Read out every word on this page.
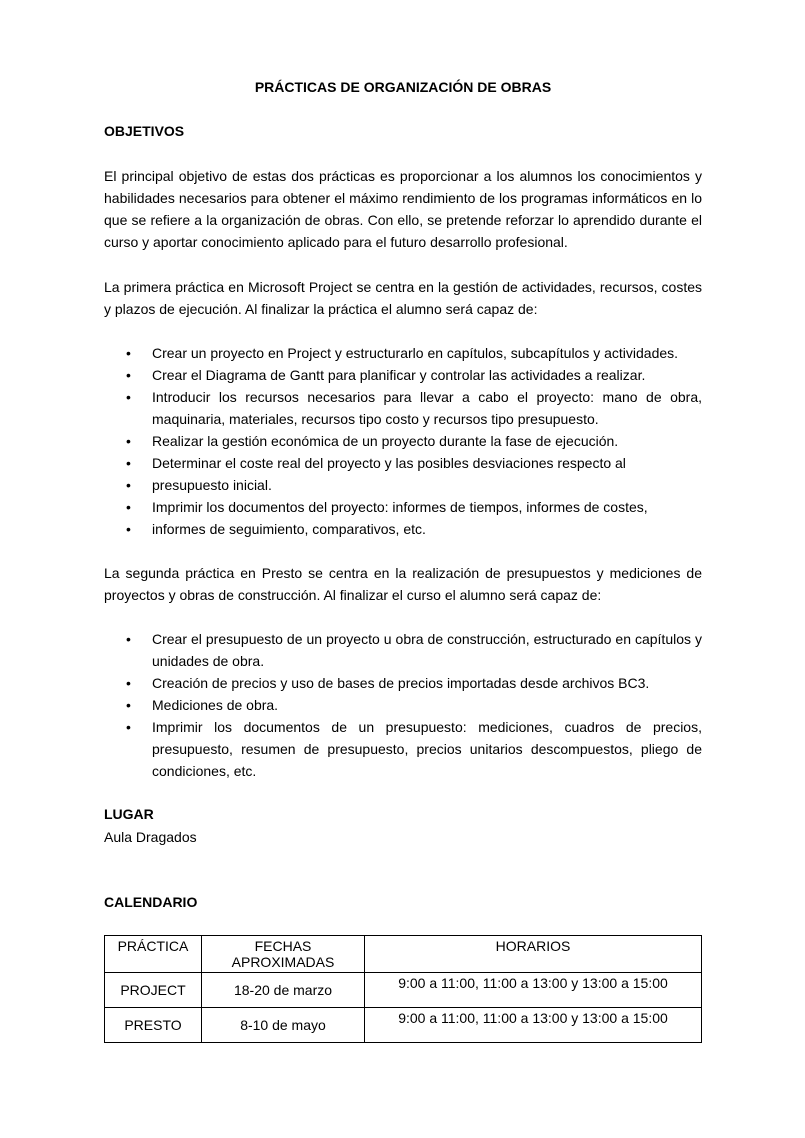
PRÁCTICAS DE ORGANIZACIÓN DE OBRAS
OBJETIVOS
El principal objetivo de estas dos prácticas es proporcionar a los alumnos los conocimientos y habilidades necesarios para obtener el máximo rendimiento de los programas informáticos en lo que se refiere a la organización de obras. Con ello, se pretende reforzar lo aprendido durante el curso y aportar conocimiento aplicado para el futuro desarrollo profesional.
La primera práctica en Microsoft Project se centra en la gestión de actividades, recursos, costes y plazos de ejecución. Al finalizar la práctica el alumno será capaz de:
• Crear un proyecto en Project y estructurarlo en capítulos, subcapítulos y actividades.
• Crear el Diagrama de Gantt para planificar y controlar las actividades a realizar.
• Introducir los recursos necesarios para llevar a cabo el proyecto: mano de obra, maquinaria, materiales, recursos tipo costo y recursos tipo presupuesto.
• Realizar la gestión económica de un proyecto durante la fase de ejecución.
• Determinar el coste real del proyecto y las posibles desviaciones respecto al
• presupuesto inicial.
• Imprimir los documentos del proyecto: informes de tiempos, informes de costes,
• informes de seguimiento, comparativos, etc.
La segunda práctica en Presto se centra en la realización de presupuestos y mediciones de proyectos y obras de construcción. Al finalizar el curso el alumno será capaz de:
• Crear el presupuesto de un proyecto u obra de construcción, estructurado en capítulos y unidades de obra.
• Creación de precios y uso de bases de precios importadas desde archivos BC3.
• Mediciones de obra.
• Imprimir los documentos de un presupuesto: mediciones, cuadros de precios, presupuesto, resumen de presupuesto, precios unitarios descompuestos, pliego de condiciones, etc.
LUGAR
Aula Dragados
CALENDARIO
PRÁCTICA	FECHAS APROXIMADAS	HORARIOS
PROJECT	18-20 de marzo	9:00 a 11:00, 11:00 a 13:00 y 13:00 a 15:00
PRESTO	8-10 de mayo	9:00 a 11:00, 11:00 a 13:00 y 13:00 a 15:00
